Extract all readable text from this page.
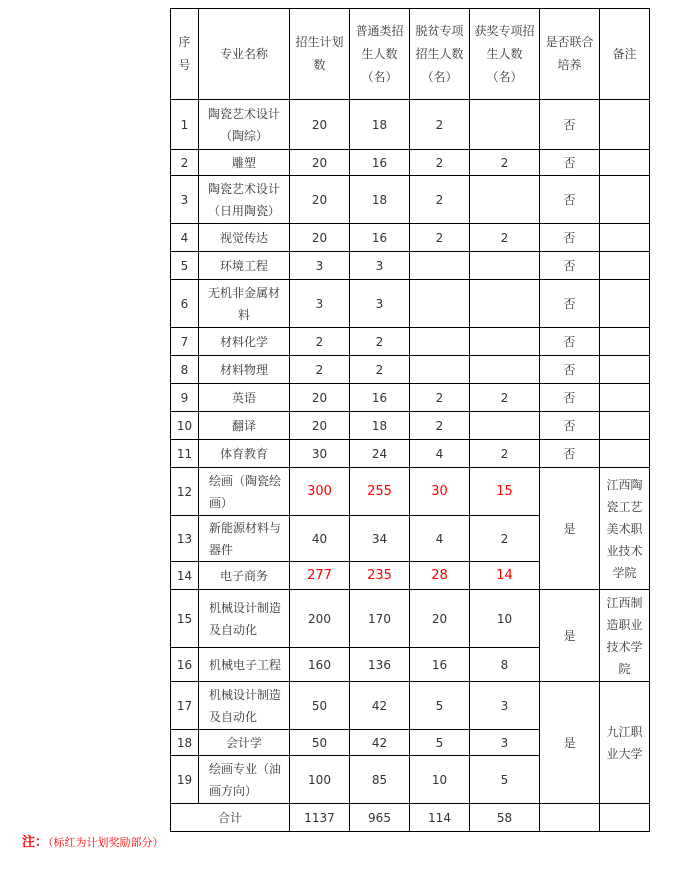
序号	专业名称	招生计划数	普通类招生人数（名）	脱贫专项招生人数（名）	获奖专项招生人数（名）	是否联合培养	备注
1	陶瓷艺术设计（陶综）	20	18	2		否	
2	雕塑	20	16	2	2	否	
3	陶瓷艺术设计（日用陶瓷）	20	18	2		否	
4	视觉传达	20	16	2	2	否	
5	环境工程	3	3			否	
6	无机非金属材料	3	3			否	
7	材料化学	2	2			否	
8	材料物理	2	2			否	
9	英语	20	16	2	2	否	
10	翻译	20	18	2		否	
11	体育教育	30	24	4	2	否	
12	绘画（陶瓷绘画）	300	255	30	15	是	江西陶瓷工艺美术职业技术学院
13	新能源材料与器件	40	34	4	2		
14	电子商务	277	235	28	14		
15	机械设计制造及自动化	200	170	20	10	是	江西制造职业技术学院
16	机械电子工程	160	136	16	8		
17	机械设计制造及自动化	50	42	5	3	是	九江职业大学
18	会计学	50	42	5	3		
19	绘画专业（油画方向）	100	85	10	5		
合计		1137	965	114	58		
注：（标红为计划奖励部分）
